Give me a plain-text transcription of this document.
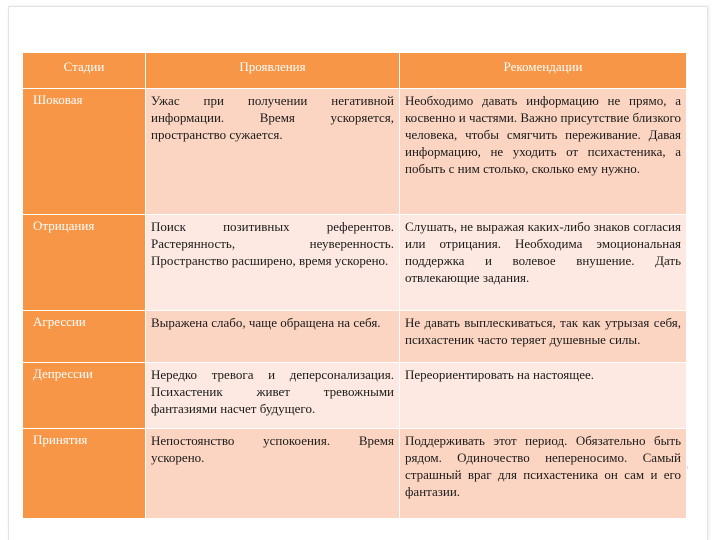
Стадии	Проявления	Рекомендации
Шоковая	Ужас при получении негативной информации. Время ускоряется, пространство сужается.	Необходимо давать информацию не прямо, а косвенно и частями. Важно присутствие близкого человека, чтобы смягчить переживание. Давая информацию, не уходить от психастеника, а побыть с ним столько, сколько ему нужно.
Отрицания	Поиск позитивных референтов. Растерянность, неуверенность. Пространство расширено, время ускорено.	Слушать, не выражая каких-либо знаков согласия или отрицания. Необходима эмоциональная поддержка и волевое внушение. Дать отвлекающие задания.
Агрессии	Выражена слабо, чаще обращена на себя.	Не давать выплескиваться, так как утрызая себя, психастеник часто теряет душевные силы.
Депрессии	Нередко тревога и деперсонализация. Психастеник живет тревожными фантазиями насчет будущего.	Переориентировать на настоящее.
Принятия	Непостоянство успокоения. Время ускорено.	Поддерживать этот период. Обязательно быть рядом. Одиночество непереносимо. Самый страшный враг для психастеника он сам и его фантазии.
